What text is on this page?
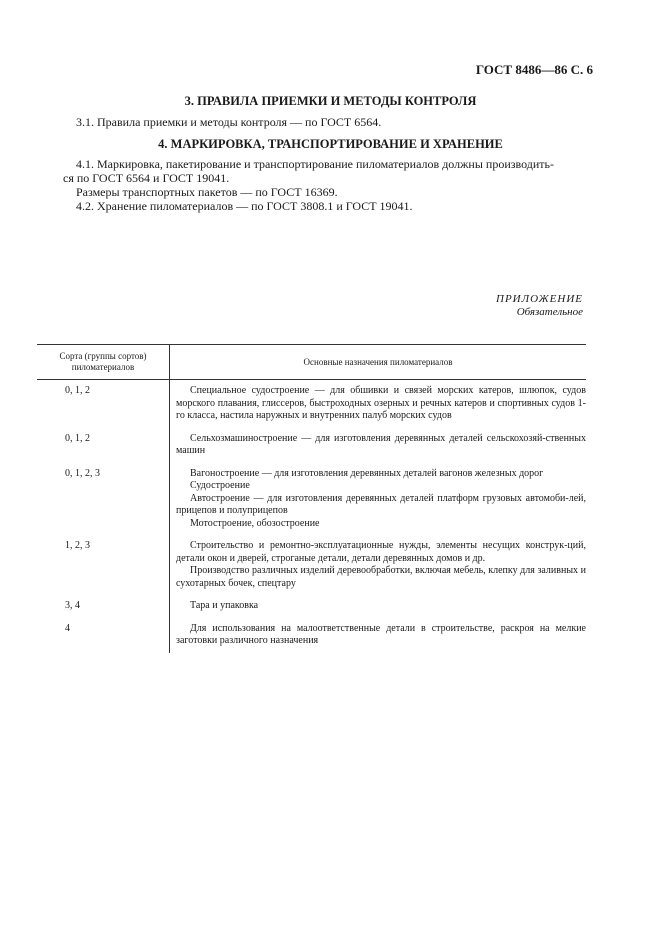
ГОСТ 8486—86 С. 6
3. ПРАВИЛА ПРИЕМКИ И МЕТОДЫ КОНТРОЛЯ
3.1. Правила приемки и методы контроля — по ГОСТ 6564.
4. МАРКИРОВКА, ТРАНСПОРТИРОВАНИЕ И ХРАНЕНИЕ
4.1. Маркировка, пакетирование и транспортирование пиломатериалов должны производить-
ся по ГОСТ 6564 и ГОСТ 19041.
Размеры транспортных пакетов — по ГОСТ 16369.
4.2. Хранение пиломатериалов — по ГОСТ 3808.1 и ГОСТ 19041.
ПРИЛОЖЕНИЕ
Обязательное
Сорта (группы сортов) пиломатериалов	Основные назначения пиломатериалов
0, 1, 2	Специальное судостроение — для обшивки и связей морских катеров, шлюпок, судов морского плавания, глиссеров, быстроходных озерных и речных катеров и спортивных судов 1-го класса, настила наружных и внутренних палуб морских судов

0, 1, 2	Сельхозмашиностроение — для изготовления деревянных деталей сельскохозяй-ственных машин

0, 1, 2, 3	Вагоностроение — для изготовления деревянных деталей вагонов железных дорог
Судостроение
Автостроение — для изготовления деревянных деталей платформ грузовых автомоби-лей, прицепов и полуприцепов
Мотостроение, обозостроение

1, 2, 3	Строительство и ремонтно-эксплуатационные нужды, элементы несущих конструк-ций, детали окон и дверей, строганые детали, детали деревянных домов и др.
Производство различных изделий деревообработки, включая мебель, клепку для заливных и сухотарных бочек, спецтару

3, 4	Тара и упаковка

4	Для использования на малоответственные детали в строительстве, раскроя на мелкие заготовки различного назначения
